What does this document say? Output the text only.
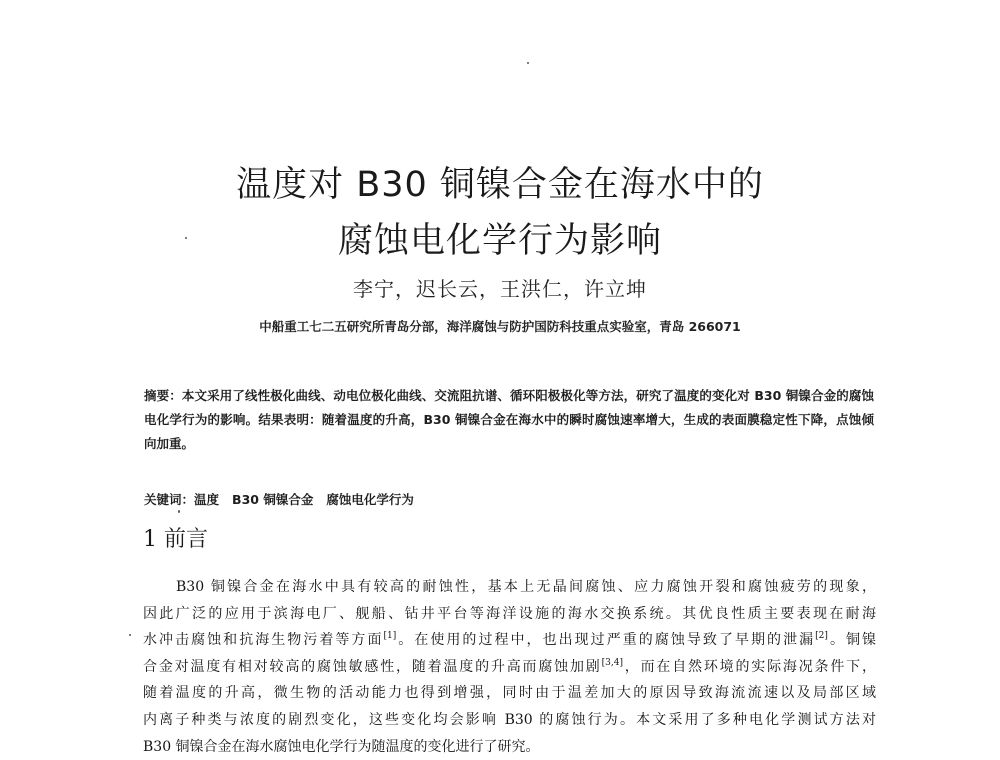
温度对 B30 铜镍合金在海水中的
腐蚀电化学行为影响
李宁，迟长云，王洪仁，许立坤
中船重工七二五研究所青岛分部，海洋腐蚀与防护国防科技重点实验室，青岛 266071
摘要：本文采用了线性极化曲线、动电位极化曲线、交流阻抗谱、循环阳极极化等方法，研究了温度的变化对 B30 铜镍合金的腐蚀电化学行为的影响。结果表明：随着温度的升高，B30 铜镍合金在海水中的瞬时腐蚀速率增大，生成的表面膜稳定性下降，点蚀倾向加重。
关键词：温度   B30 铜镍合金   腐蚀电化学行为
1 前言
B30 铜镍合金在海水中具有较高的耐蚀性，基本上无晶间腐蚀、应力腐蚀开裂和腐蚀疲劳的现象，
因此广泛的应用于滨海电厂、舰船、钻井平台等海洋设施的海水交换系统。其优良性质主要表现在耐海
水冲击腐蚀和抗海生物污着等方面[1]。在使用的过程中，也出现过严重的腐蚀导致了早期的泄漏[2]。铜镍
合金对温度有相对较高的腐蚀敏感性，随着温度的升高而腐蚀加剧[3,4]，而在自然环境的实际海况条件下，
随着温度的升高，微生物的活动能力也得到增强，同时由于温差加大的原因导致海流流速以及局部区域
内离子种类与浓度的剧烈变化，这些变化均会影响 B30 的腐蚀行为。本文采用了多种电化学测试方法对
B30 铜镍合金在海水腐蚀电化学行为随温度的变化进行了研究。
